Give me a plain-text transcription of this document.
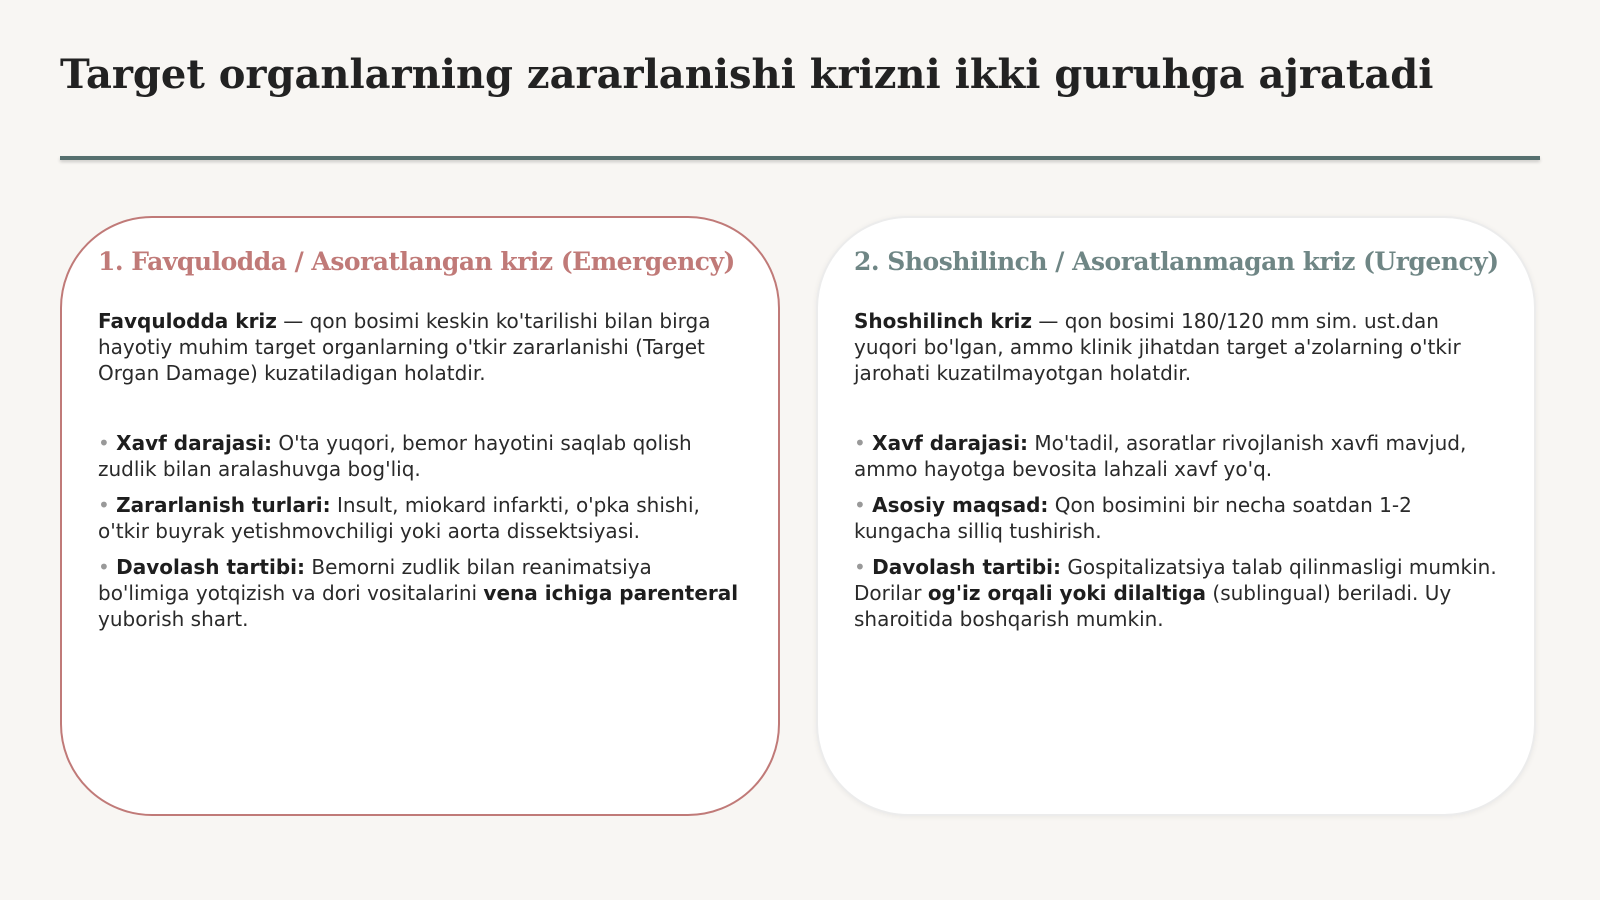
Target organlarning zararlanishi krizni ikki guruhga ajratadi
1. Favqulodda / Asoratlangan kriz (Emergency)

Favqulodda kriz — qon bosimi keskin ko'tarilishi bilan birga hayotiy muhim target organlarning o'tkir zararlanishi (Target Organ Damage) kuzatiladigan holatdir.

• Xavf darajasi: O'ta yuqori, bemor hayotini saqlab qolish zudlik bilan aralashuvga bog'liq.
• Zararlanish turlari: Insult, miokard infarkti, o'pka shishi, o'tkir buyrak yetishmovchiligi yoki aorta dissektsiyasi.
• Davolash tartibi: Bemorni zudlik bilan reanimatsiya bo'limiga yotqizish va dori vositalarini vena ichiga parenteral yuborish shart.
2. Shoshilinch / Asoratlanmagan kriz (Urgency)

Shoshilinch kriz — qon bosimi 180/120 mm sim. ust.dan yuqori bo'lgan, ammo klinik jihatdan target a'zolarning o'tkir jarohati kuzatilmayotgan holatdir.

• Xavf darajasi: Mo'tadil, asoratlar rivojlanish xavfi mavjud, ammo hayotga bevosita lahzali xavf yo'q.
• Asosiy maqsad: Qon bosimini bir necha soatdan 1-2 kungacha silliq tushirish.
• Davolash tartibi: Gospitalizatsiya talab qilinmasligi mumkin. Dorilar og'iz orqali yoki dilaltiga (sublingual) beriladi. Uy sharoitida boshqarish mumkin.
